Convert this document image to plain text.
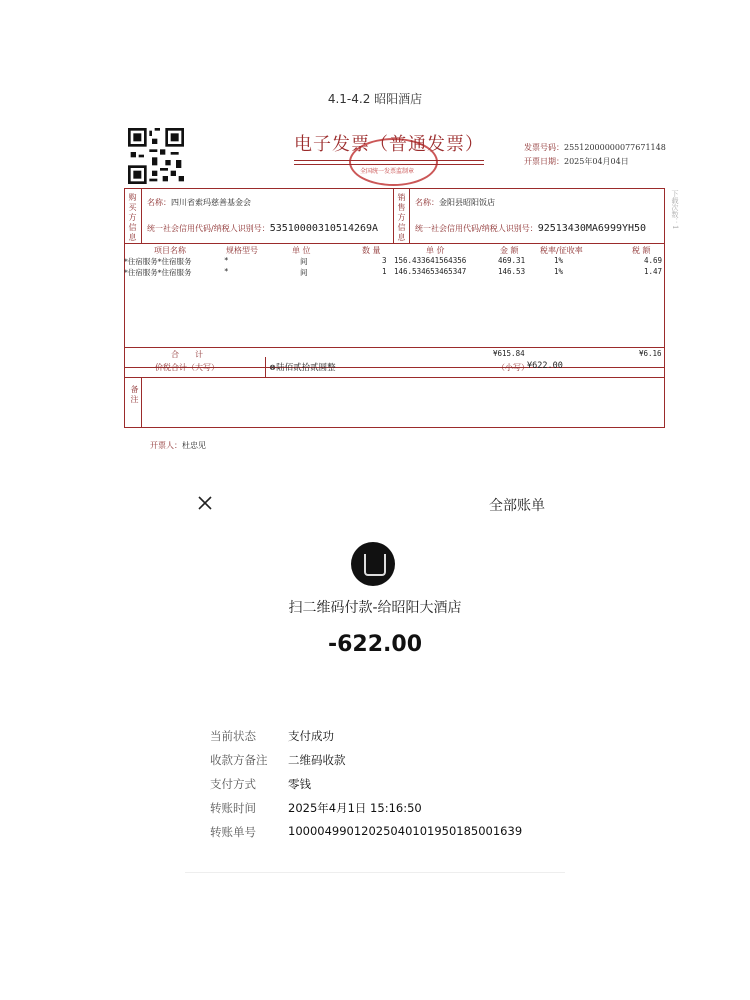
4.1-4.2 昭阳酒店
全国统一发票监制章
电子发票（普通发票）	发票号码：25512000000077671148
开票日期：2025年04月04日
购买方信息	销售方信息
名称：四川省索玛慈善基金会
统一社会信用代码/纳税人识别号：53510000310514269A
名称：金阳县昭阳饭店
统一社会信用代码/纳税人识别号：92513430MA6999YH50
备注
合　　计	¥615.84	¥6.16
价税合计（大写）	⊗陆佰贰拾贰圆整	（小写）
¥622.00
项目名称	规格型号	单 位	数 量	单 价	金 额	税率/征收率	税 额
*住宿服务*住宿服务	*	间	3 156.433641564356	469.31	1%	4.69
*住宿服务*住宿服务	*	间	1 146.534653465347	146.53	1%	1.47
开票人：杜忠见
下载次数：1
全部账单
扫二维码付款-给昭阳大酒店
-622.00
当前状态	支付成功
收款方备注	二维码收款
支付方式	零钱
转账时间	2025年4月1日 15:16:50
转账单号	10000499012025040101950185001639
